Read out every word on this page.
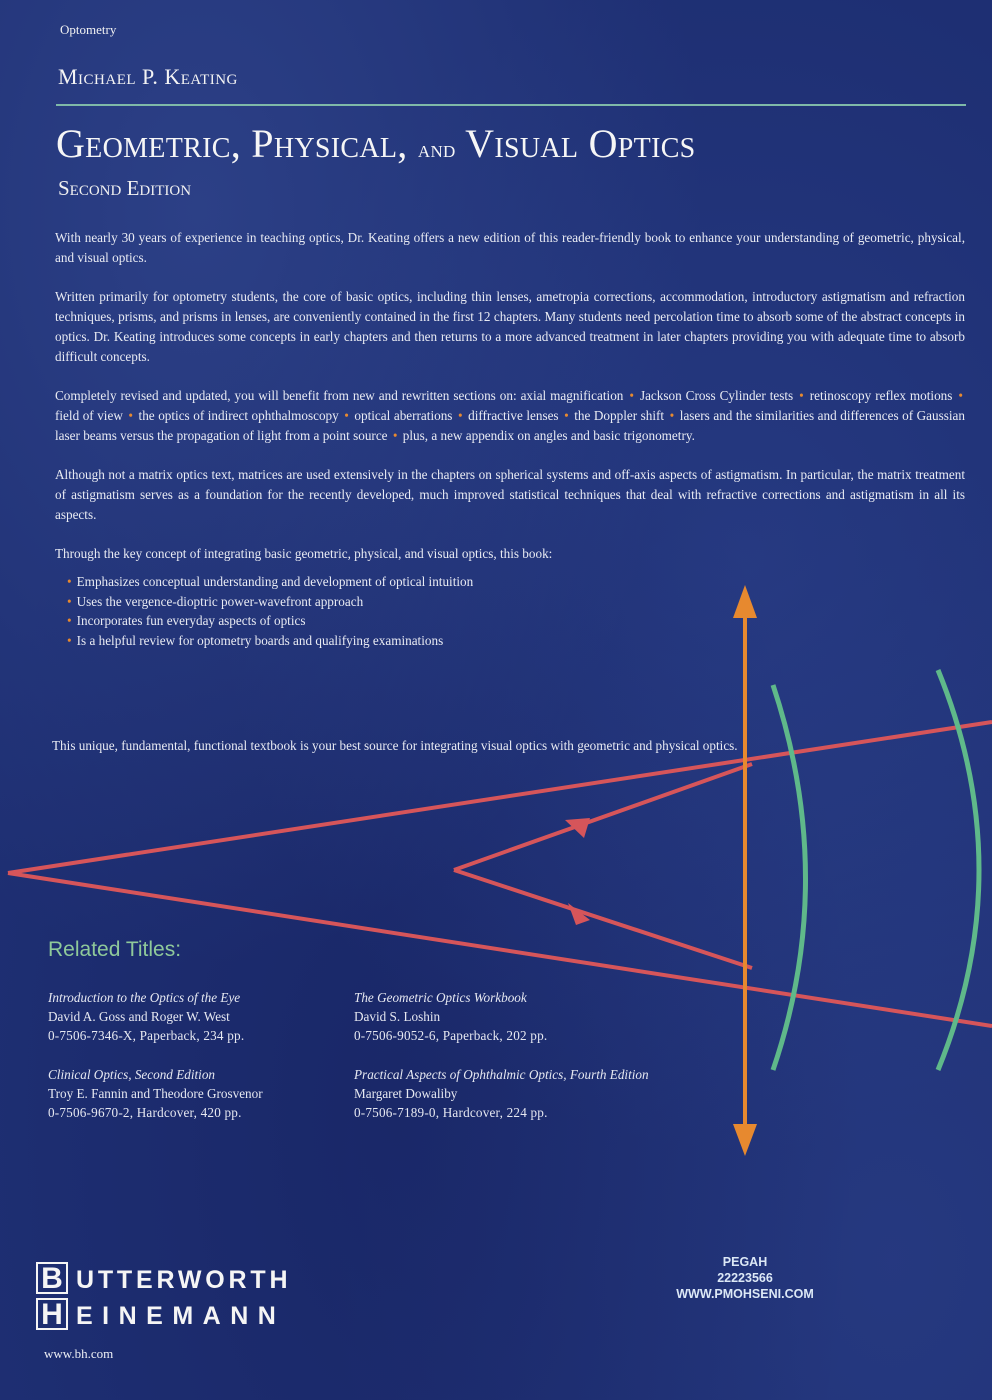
Optometry
Michael P. Keating
Geometric, Physical, and Visual Optics
Second Edition

With nearly 30 years of experience in teaching optics, Dr. Keating offers a new edition of this reader-friendly book to enhance your understanding of geometric, physical, and visual optics.

Written primarily for optometry students, the core of basic optics, including thin lenses, ametropia corrections, accommodation, introductory astigmatism and refraction techniques, prisms, and prisms in lenses, are conveniently contained in the first 12 chapters. Many students need percolation time to absorb some of the abstract concepts in optics. Dr. Keating introduces some concepts in early chapters and then returns to a more advanced treatment in later chapters providing you with adequate time to absorb difficult concepts.

Completely revised and updated, you will benefit from new and rewritten sections on: axial magnification • Jackson Cross Cylinder tests • retinoscopy reflex motions • field of view • the optics of indirect ophthalmoscopy • optical aberrations • diffractive lenses • the Doppler shift • lasers and the similarities and differences of Gaussian laser beams versus the propagation of light from a point source • plus, a new appendix on angles and basic trigonometry.

Although not a matrix optics text, matrices are used extensively in the chapters on spherical systems and off-axis aspects of astigmatism. In particular, the matrix treatment of astigmatism serves as a foundation for the recently developed, much improved statistical techniques that deal with refractive corrections and astigmatism in all its aspects.

Through the key concept of integrating basic geometric, physical, and visual optics, this book:

• Emphasizes conceptual understanding and development of optical intuition
• Uses the vergence-dioptric power-wavefront approach
• Incorporates fun everyday aspects of optics
• Is a helpful review for optometry boards and qualifying examinations
This unique, fundamental, functional textbook is your best source for integrating visual optics with geometric and physical optics.
Related Titles:
Introduction to the Optics of the Eye
David A. Goss and Roger W. West
0-7506-7346-X, Paperback, 234 pp.
The Geometric Optics Workbook
David S. Loshin
0-7506-9052-6, Paperback, 202 pp.
Clinical Optics, Second Edition
Troy E. Fannin and Theodore Grosvenor
0-7506-9670-2, Hardcover, 420 pp.
Practical Aspects of Ophthalmic Optics, Fourth Edition
Margaret Dowaliby
0-7506-7189-0, Hardcover, 224 pp.
B UTTERWORTH
H EINEMANN
www.bh.com
PEGAH
22223566
WWW.PMOHSENI.COM
